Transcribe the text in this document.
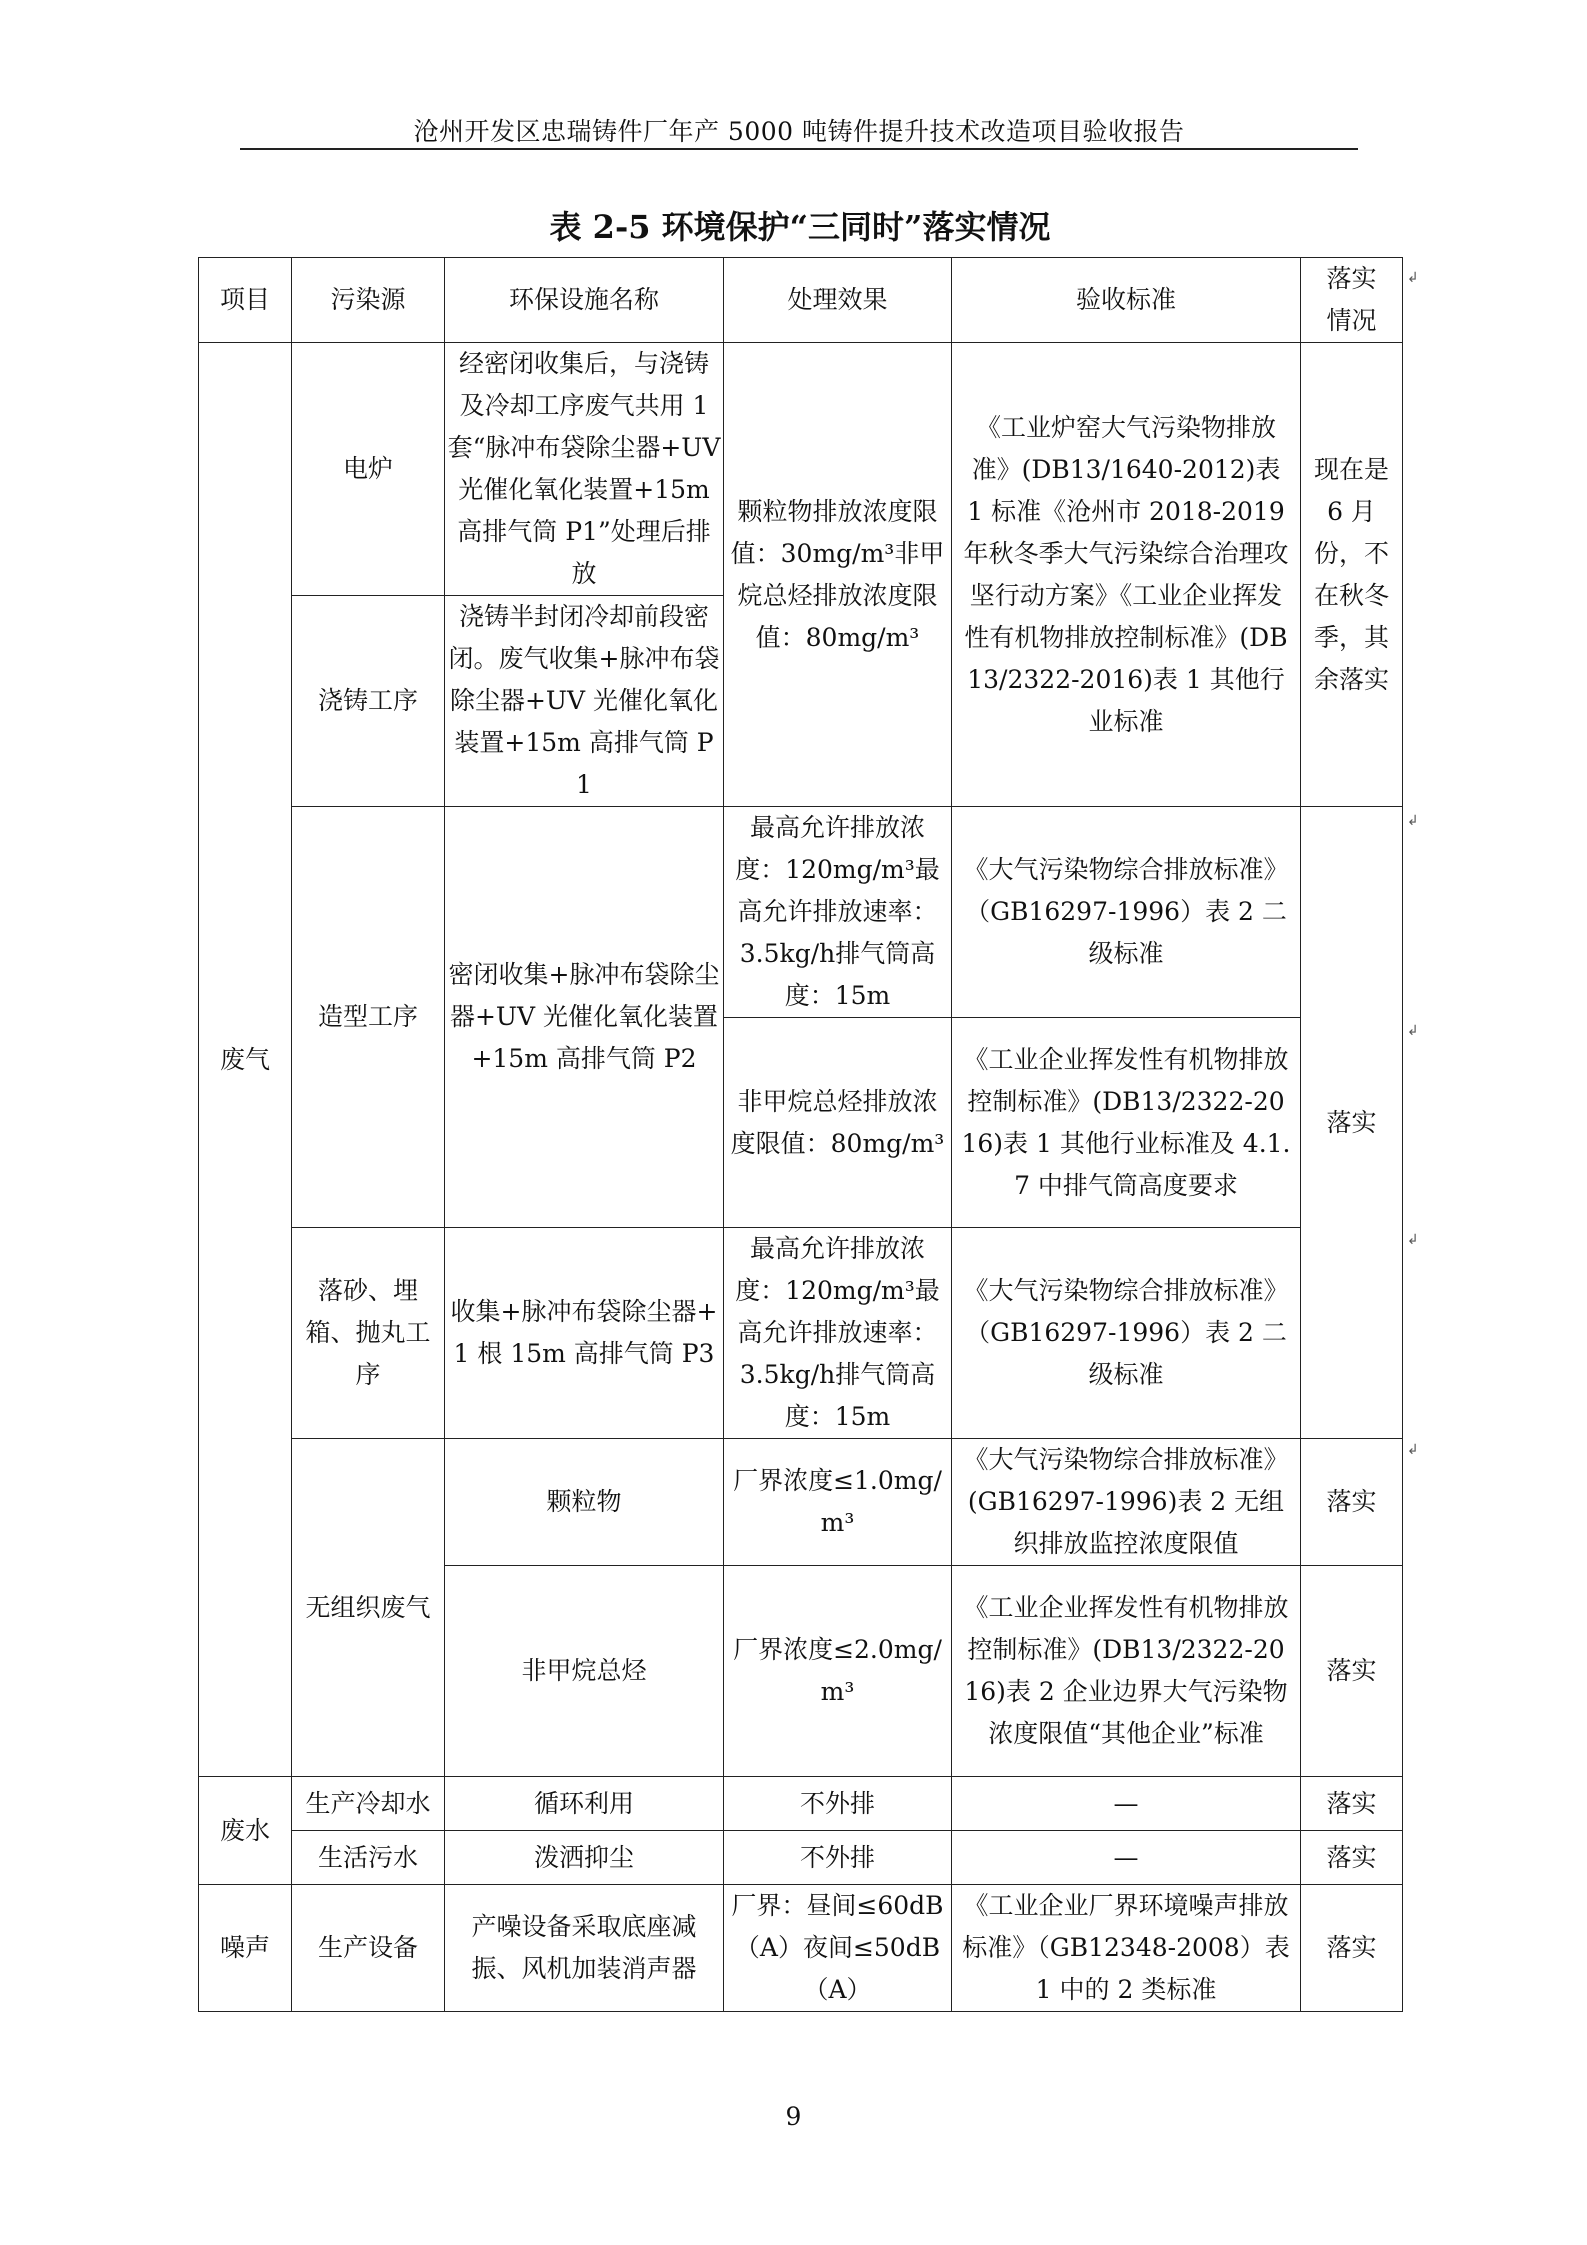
沧州开发区忠瑞铸件厂年产 5000 吨铸件提升技术改造项目验收报告
表 2-5 环境保护“三同时”落实情况
项目	污染源	环保设施名称	处理效果	验收标准	落实情况
废气	电炉	经密闭收集后，与浇铸及冷却工序废气共用 1 套“脉冲布袋除尘器+UV 光催化氧化装置+15m 高排气筒 P1”处理后排放	颗粒物排放浓度限值：30mg/m³非甲烷总烃排放浓度限值：80mg/m³	《工业炉窑大气污染物排放准》(DB13/1640-2012)表 1 标准《沧州市 2018-2019 年秋冬季大气污染综合治理攻坚行动方案》《工业企业挥发性有机物排放控制标准》(DB13/2322-2016)表 1 其他行业标准	现在是 6 月份，不在秋冬季，其余落实
	浇铸工序	浇铸半封闭冷却前段密闭。废气收集+脉冲布袋除尘器+UV 光催化氧化装置+15m 高排气筒 P1			
	造型工序	密闭收集+脉冲布袋除尘器+UV 光催化氧化装置+15m 高排气筒 P2	最高允许排放浓度：120mg/m³最高允许排放速率：3.5kg/h排气筒高度：15m	《大气污染物综合排放标准》（GB16297-1996）表 2 二级标准	落实
			非甲烷总烃排放浓度限值：80mg/m³	《工业企业挥发性有机物排放控制标准》(DB13/2322-2016)表 1 其他行业标准及 4.1.7 中排气筒高度要求	
	落砂、埋箱、抛丸工序	收集+脉冲布袋除尘器+1 根 15m 高排气筒 P3	最高允许排放浓度：120mg/m³最高允许排放速率：3.5kg/h排气筒高度：15m	《大气污染物综合排放标准》（GB16297-1996）表 2 二级标准	
	无组织废气	颗粒物	厂界浓度≤1.0mg/m³	《大气污染物综合排放标准》(GB16297-1996)表 2 无组织排放监控浓度限值	落实
		非甲烷总烃	厂界浓度≤2.0mg/m³	《工业企业挥发性有机物排放控制标准》(DB13/2322-2016)表 2 企业边界大气污染物浓度限值“其他企业”标准	落实
废水	生产冷却水	循环利用	不外排	—	落实
	生活污水	泼洒抑尘	不外排	—	落实
噪声	生产设备	产噪设备采取底座减振、风机加装消声器	厂界：昼间≤60dB（A）夜间≤50dB（A）	《工业企业厂界环境噪声排放标准》（GB12348-2008）表 1 中的 2 类标准	落实
↲
↲
↲
↲
↲
9
